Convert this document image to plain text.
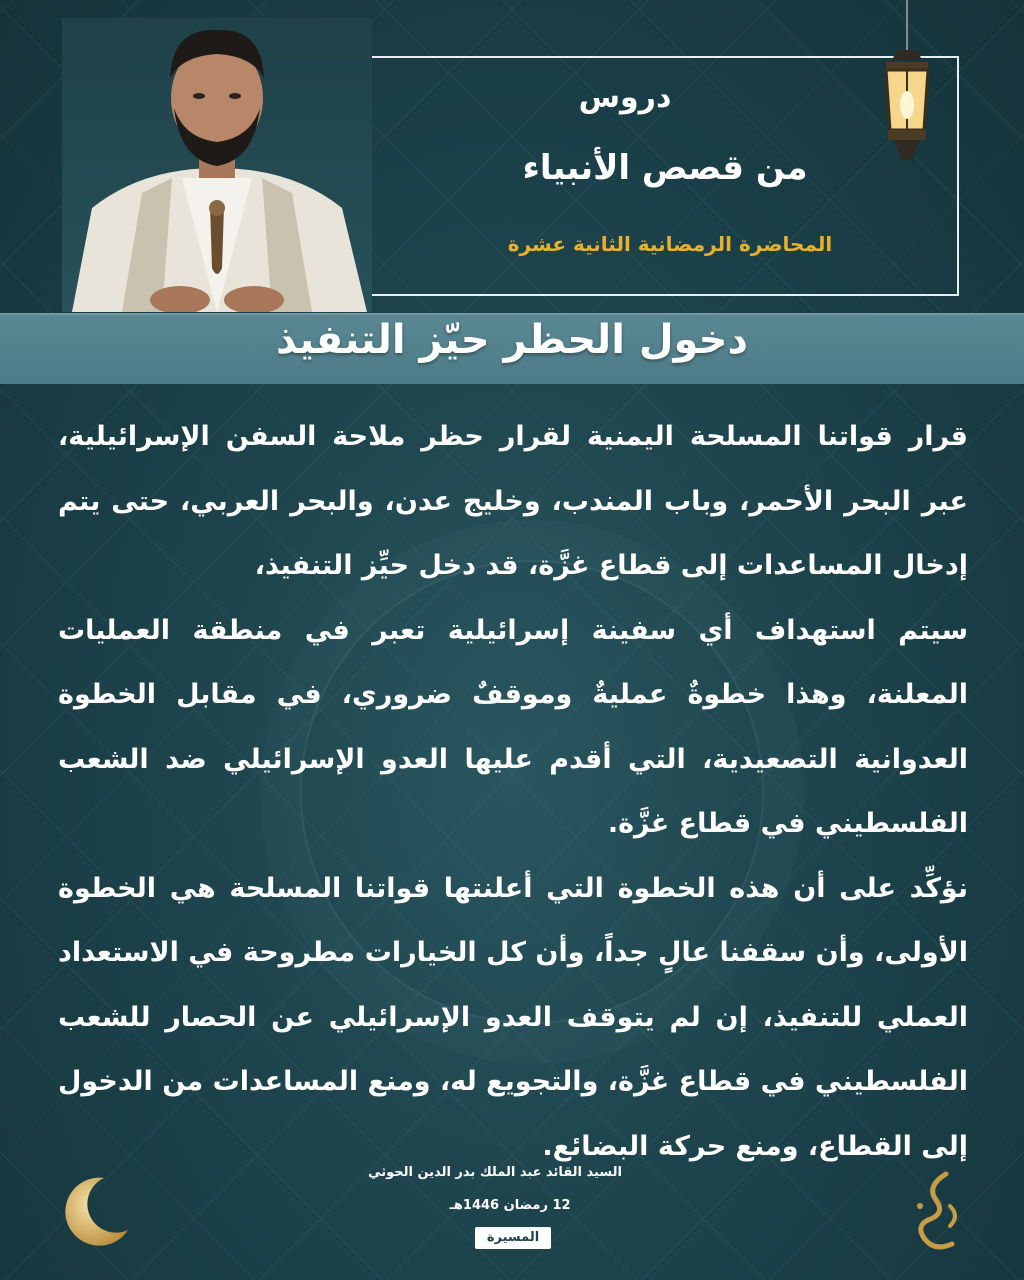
دروس
من قصص الأنبياء
المحاضرة الرمضانية الثانية عشرة
دخول الحظر حيّز التنفيذ

قرار قواتنا المسلحة اليمنية لقرار حظر ملاحة السفن الإسرائيلية، عبر البحر الأحمر، وباب المندب، وخليج عدن، والبحر العربي، حتى يتم إدخال المساعدات إلى قطاع غزَّة، قد دخل حيِّز التنفيذ،

سيتم استهداف أي سفينة إسرائيلية تعبر في منطقة العمليات المعلنة، وهذا خطوةٌ عمليةٌ وموقفٌ ضروري، في مقابل الخطوة العدوانية التصعيدية، التي أقدم عليها العدو الإسرائيلي ضد الشعب الفلسطيني في قطاع غزَّة.

نؤكِّد على أن هذه الخطوة التي أعلنتها قواتنا المسلحة هي الخطوة الأولى، وأن سقفنا عالٍ جداً، وأن كل الخيارات مطروحة في الاستعداد العملي للتنفيذ، إن لم يتوقف العدو الإسرائيلي عن الحصار للشعب الفلسطيني في قطاع غزَّة، والتجويع له، ومنع المساعدات من الدخول إلى القطاع، ومنع حركة البضائع.

السيد القائد عبد الملك بدر الدين الحوثي

12 رمضان 1446هـ

المسيرة
